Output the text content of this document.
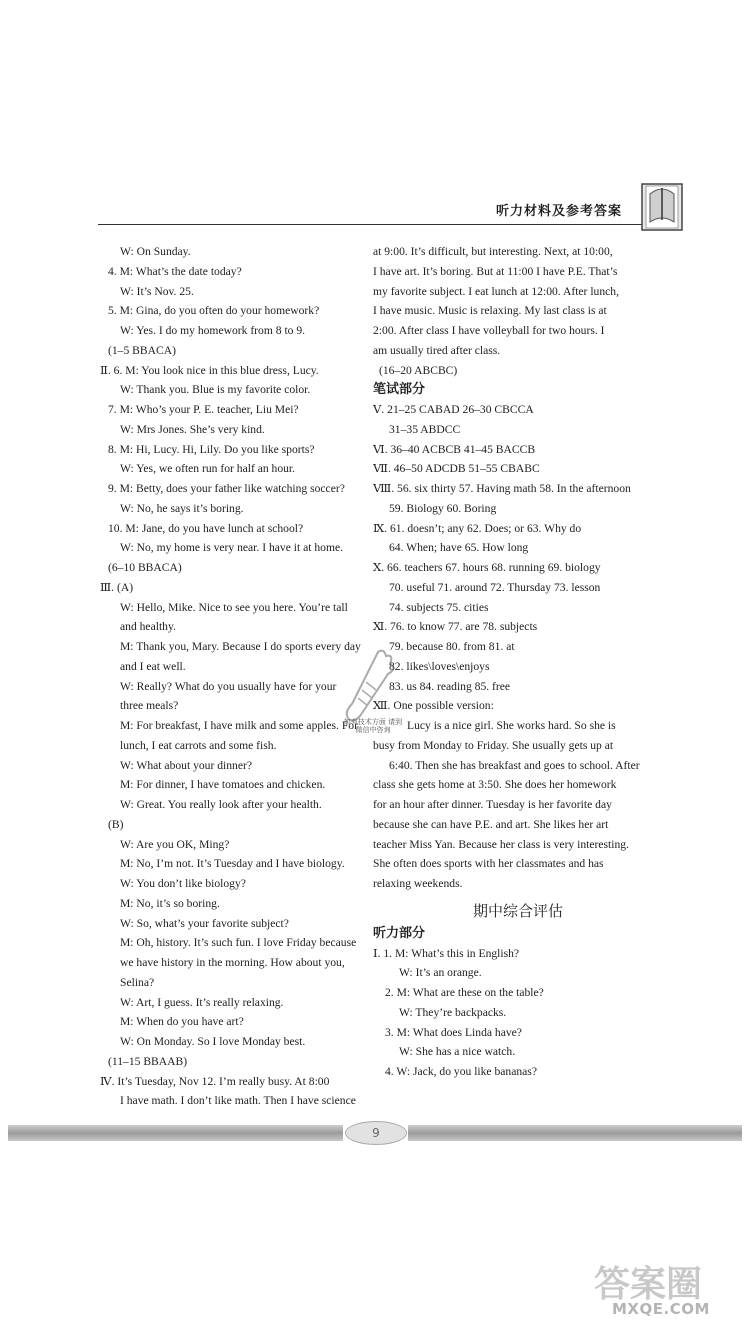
听力材料及参考答案
W: On Sunday.
4. M: What’s the date today?
W: It’s Nov. 25.
5. M: Gina, do you often do your homework?
W: Yes. I do my homework from 8 to 9.
(1–5 BBACA)
Ⅱ. 6. M: You look nice in this blue dress, Lucy.
W: Thank you. Blue is my favorite color.
7. M: Who’s your P. E. teacher, Liu Mei?
W: Mrs Jones. She’s very kind.
8. M: Hi, Lucy. Hi, Lily. Do you like sports?
W: Yes, we often run for half an hour.
9. M: Betty, does your father like watching soccer?
W: No, he says it’s boring.
10. M: Jane, do you have lunch at school?
W: No, my home is very near. I have it at home.
(6–10 BBACA)
Ⅲ. (A)
W: Hello, Mike. Nice to see you here. You’re tall
and healthy.
M: Thank you, Mary. Because I do sports every day
and I eat well.
W: Really? What do you usually have for your
three meals?
M: For breakfast, I have milk and some apples. For
lunch, I eat carrots and some fish.
W: What about your dinner?
M: For dinner, I have tomatoes and chicken.
W: Great. You really look after your health.
(B)
W: Are you OK, Ming?
M: No, I’m not. It’s Tuesday and I have biology.
W: You don’t like biology?
M: No, it’s so boring.
W: So, what’s your favorite subject?
M: Oh, history. It’s such fun. I love Friday because
we have history in the morning. How about you,
Selina?
W: Art, I guess. It’s really relaxing.
M: When do you have art?
W: On Monday. So I love Monday best.
(11–15 BBAAB)
Ⅳ. It’s Tuesday, Nov 12. I’m really busy. At 8:00
I have math. I don’t like math. Then I have science
at 9:00. It’s difficult, but interesting. Next, at 10:00,
I have art. It’s boring. But at 11:00 I have P.E. That’s
my favorite subject. I eat lunch at 12:00. After lunch,
I have music. Music is relaxing. My last class is at
2:00. After class I have volleyball for two hours. I
am usually tired after class.
(16–20 ABCBC)
笔试部分
Ⅴ. 21–25 CABAD 26–30 CBCCA
31–35 ABDCC
Ⅵ. 36–40 ACBCB 41–45 BACCB
Ⅶ. 46–50 ADCDB 51–55 CBABC
Ⅷ. 56. six thirty 57. Having math 58. In the afternoon
59. Biology 60. Boring
Ⅸ. 61. doesn’t; any 62. Does; or 63. Why do
64. When; have 65. How long
Ⅹ. 66. teachers 67. hours 68. running 69. biology
70. useful 71. around 72. Thursday 73. lesson
74. subjects 75. cities
Ⅺ. 76. to know 77. are 78. subjects
79. because 80. from 81. at
82. likes\loves\enjoys
83. us 84. reading 85. free
Ⅻ. One possible version:
Lucy is a nice girl. She works hard. So she is
busy from Monday to Friday. She usually gets up at
6:40. Then she has breakfast and goes to school. After
class she gets home at 3:50. She does her homework
for an hour after dinner. Tuesday is her favorite day
because she can have P.E. and art. She likes her art
teacher Miss Yan. Because her class is very interesting.
She often does sports with her classmates and has
relaxing weekends.
期中综合评估
听力部分
Ⅰ. 1. M: What’s this in English?
W: It’s an orange.
2. M: What are these on the table?
W: They’re backpacks.
3. M: What does Linda have?
W: She has a nice watch.
4. W: Jack, do you like bananas?
如有技术方面 请到微信中咨询
9
答案圈
MXQE.COM
